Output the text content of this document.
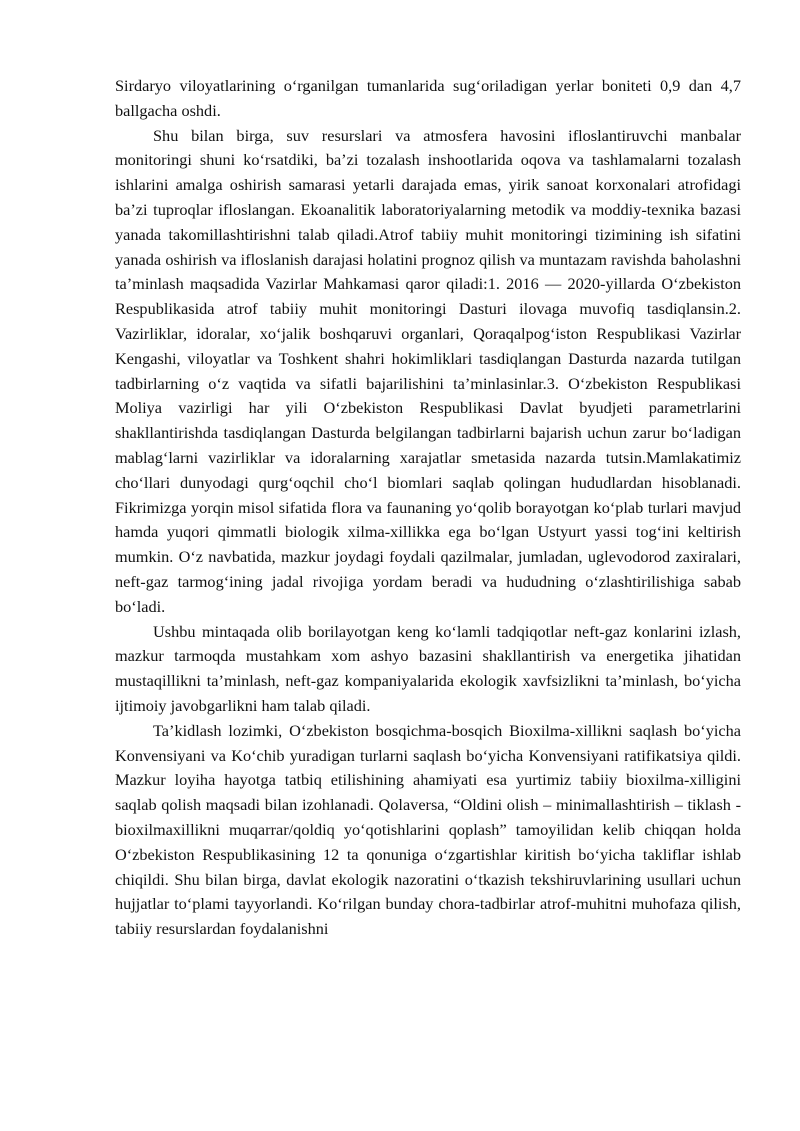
Sirdaryo viloyatlarining o‘rganilgan tumanlarida sug‘oriladigan yerlar boniteti 0,9 dan 4,7 ballgacha oshdi.

Shu bilan birga, suv resurslari va atmosfera havosini ifloslantiruvchi manbalar monitoringi shuni ko‘rsatdiki, ba’zi tozalash inshootlarida oqova va tashlamalarni tozalash ishlarini amalga oshirish samarasi yetarli darajada emas, yirik sanoat korxonalari atrofidagi ba’zi tuproqlar ifloslangan. Ekoanalitik laboratoriyalarning metodik va moddiy-texnika bazasi yanada takomillashtirishni talab qiladi.Atrof tabiiy muhit monitoringi tizimining ish sifatini yanada oshirish va ifloslanish darajasi holatini prognoz qilish va muntazam ravishda baholashni ta’minlash maqsadida Vazirlar Mahkamasi qaror qiladi:1. 2016 — 2020-yillarda O‘zbekiston Respublikasida atrof tabiiy muhit monitoringi Dasturi ilovaga muvofiq tasdiqlansin.2. Vazirliklar, idoralar, xo‘jalik boshqaruvi organlari, Qoraqalpog‘iston Respublikasi Vazirlar Kengashi, viloyatlar va Toshkent shahri hokimliklari tasdiqlangan Dasturda nazarda tutilgan tadbirlarning o‘z vaqtida va sifatli bajarilishini ta’minlasinlar.3. O‘zbekiston Respublikasi Moliya vazirligi har yili O‘zbekiston Respublikasi Davlat byudjeti parametrlarini shakllantirishda tasdiqlangan Dasturda belgilangan tadbirlarni bajarish uchun zarur bo‘ladigan mablag‘larni vazirliklar va idoralarning xarajatlar smetasida nazarda tutsin.Mamlakatimiz cho‘llari dunyodagi qurg‘oqchil cho‘l biomlari saqlab qolingan hududlardan hisoblanadi. Fikrimizga yorqin misol sifatida flora va faunaning yo‘qolib borayotgan ko‘plab turlari mavjud hamda yuqori qimmatli biologik xilma-xillikka ega bo‘lgan Ustyurt yassi tog‘ini keltirish mumkin. O‘z navbatida, mazkur joydagi foydali qazilmalar, jumladan, uglevodorod zaxiralari, neft-gaz tarmog‘ining jadal rivojiga yordam beradi va hududning o‘zlashtirilishiga sabab bo‘ladi.

Ushbu mintaqada olib borilayotgan keng ko‘lamli tadqiqotlar neft-gaz konlarini izlash, mazkur tarmoqda mustahkam xom ashyo bazasini shakllantirish va energetika jihatidan mustaqillikni ta’minlash, neft-gaz kompaniyalarida ekologik xavfsizlikni ta’minlash, bo‘yicha ijtimoiy javobgarlikni ham talab qiladi.

Ta’kidlash lozimki, O‘zbekiston bosqichma-bosqich Bioxilma-xillikni saqlash bo‘yicha Konvensiyani va Ko‘chib yuradigan turlarni saqlash bo‘yicha Konvensiyani ratifikatsiya qildi. Mazkur loyiha hayotga tatbiq etilishining ahamiyati esa yurtimiz tabiiy bioxilma-xilligini saqlab qolish maqsadi bilan izohlanadi. Qolaversa, “Oldini olish – minimallashtirish – tiklash - bioxilmaxillikni muqarrar/qoldiq yo‘qotishlarini qoplash” tamoyilidan kelib chiqqan holda O‘zbekiston Respublikasining 12 ta qonuniga o‘zgartishlar kiritish bo‘yicha takliflar ishlab chiqildi. Shu bilan birga, davlat ekologik nazoratini o‘tkazish tekshiruvlarining usullari uchun hujjatlar to‘plami tayyorlandi. Ko‘rilgan bunday chora-tadbirlar atrof-muhitni muhofaza qilish, tabiiy resurslardan foydalanishni
